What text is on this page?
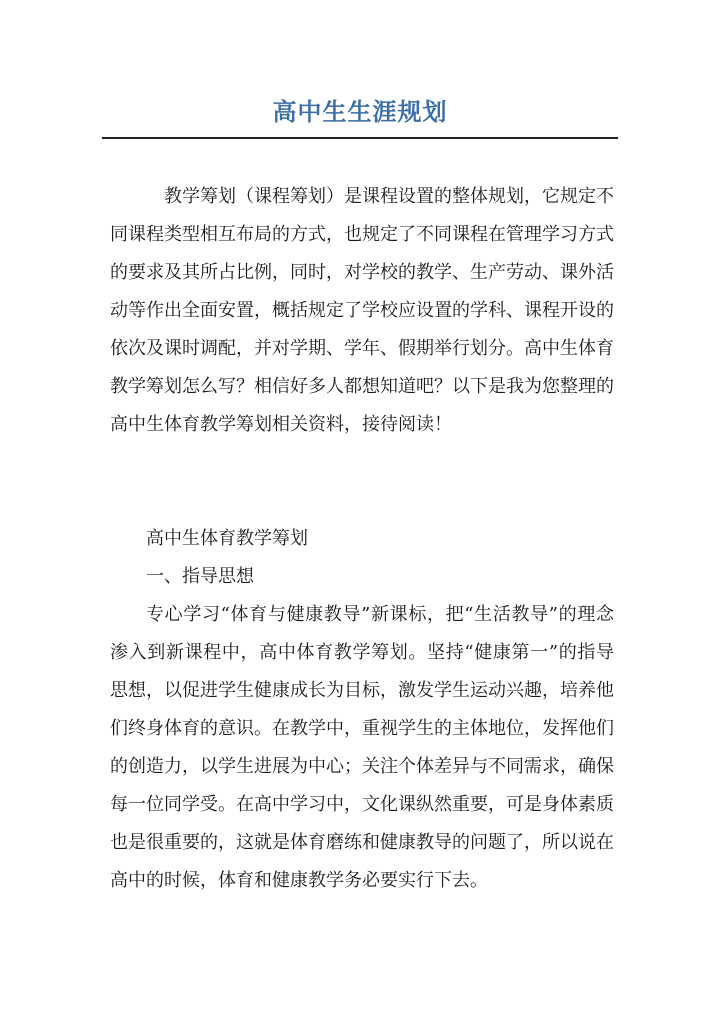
高中生生涯规划

教学筹划（课程筹划）是课程设置的整体规划，它规定不同课程类型相互布局的方式，也规定了不同课程在管理学习方式的要求及其所占比例，同时，对学校的教学、生产劳动、课外活动等作出全面安置，概括规定了学校应设置的学科、课程开设的依次及课时调配，并对学期、学年、假期举行划分。高中生体育教学筹划怎么写？相信好多人都想知道吧？以下是我为您整理的高中生体育教学筹划相关资料，接待阅读！

高中生体育教学筹划

一、指导思想

专心学习“体育与健康教导”新课标，把“生活教导”的理念渗入到新课程中，高中体育教学筹划。坚持“健康第一”的指导思想，以促进学生健康成长为目标，激发学生运动兴趣，培养他们终身体育的意识。在教学中，重视学生的主体地位，发挥他们的创造力，以学生进展为中心；关注个体差异与不同需求，确保每一位同学受。在高中学习中，文化课纵然重要，可是身体素质也是很重要的，这就是体育磨练和健康教导的问题了，所以说在高中的时候，体育和健康教学务必要实行下去。
